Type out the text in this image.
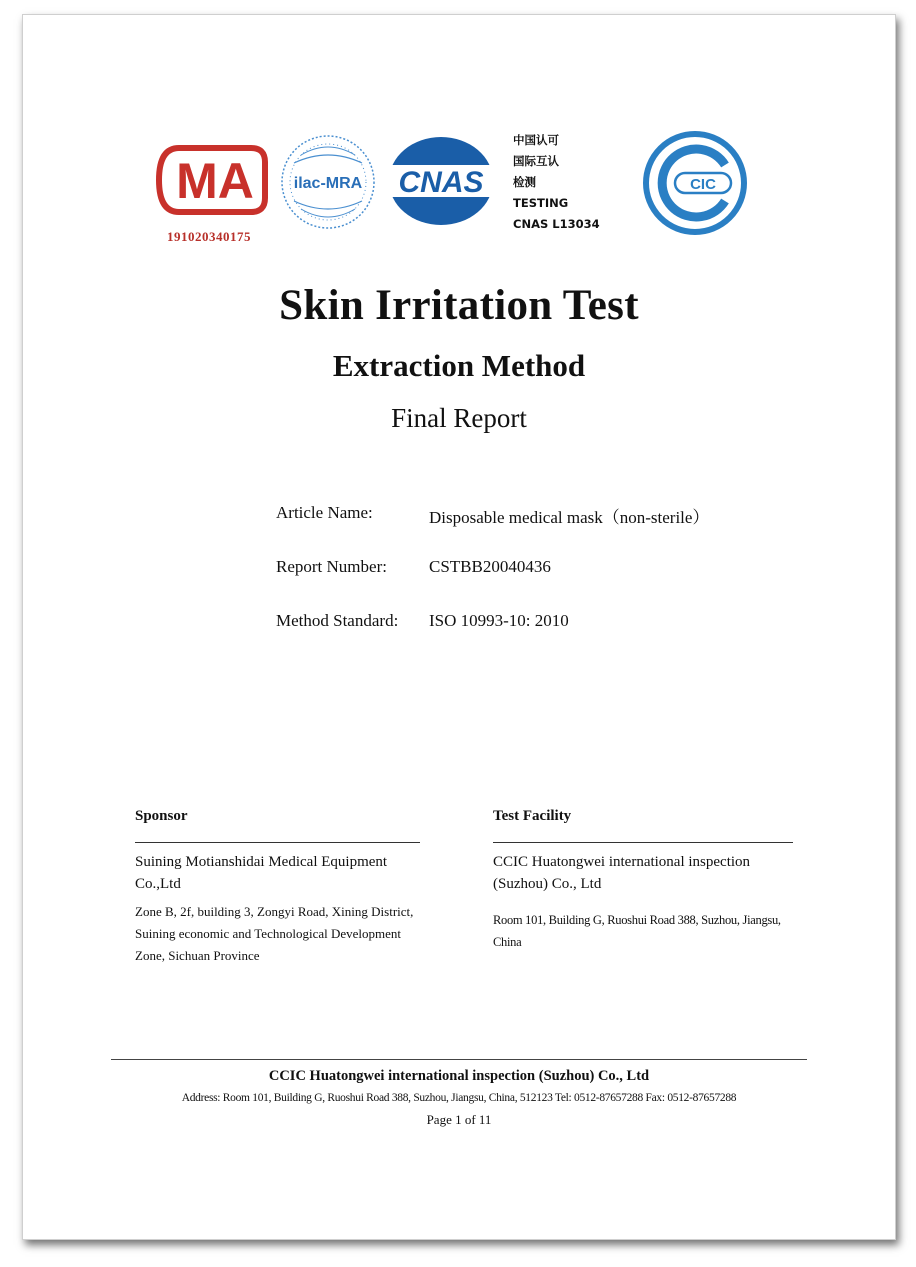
MA
191020340175
ilac-MRA CNAS
中国认可
国际互认
检测
TESTING
CNAS L13034
CIC
Skin Irritation Test
Extraction Method
Final Report
Article Name:	Disposable medical mask（non-sterile）
Report Number: CSTBB20040436
Method Standard: ISO 10993-10: 2010
Sponsor

Suining Motianshidai Medical Equipment Co.,Ltd

Zone B, 2f, building 3, Zongyi Road, Xining District, Suining economic and Technological Development Zone, Sichuan Province

Test Facility

CCIC Huatongwei international inspection (Suzhou) Co., Ltd

Room 101, Building G, Ruoshui Road 388, Suzhou, Jiangsu, China

CCIC Huatongwei international inspection (Suzhou) Co., Ltd
Address: Room 101, Building G, Ruoshui Road 388, Suzhou, Jiangsu, China, 512123 Tel: 0512-87657288 Fax: 0512-87657288
Page 1 of 11
